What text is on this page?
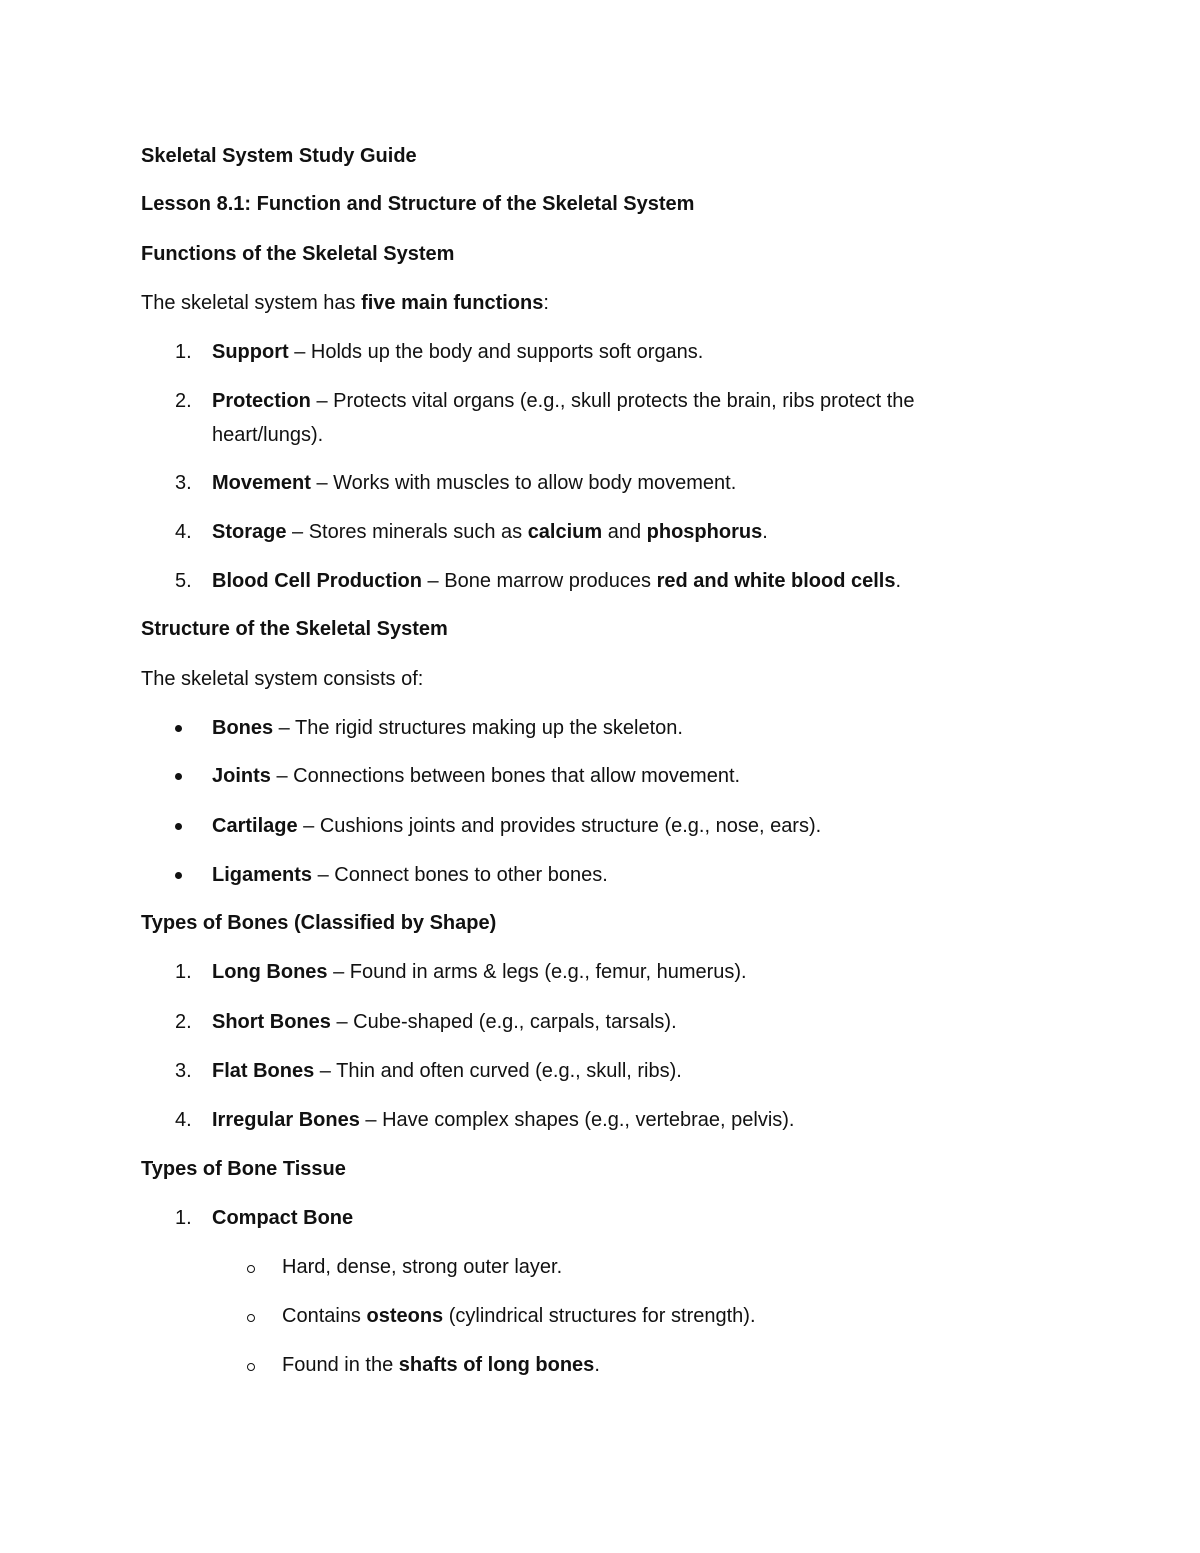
Skeletal System Study Guide
Lesson 8.1: Function and Structure of the Skeletal System
Functions of the Skeletal System
The skeletal system has five main functions:
1.	Support – Holds up the body and supports soft organs.
2.	Protection – Protects vital organs (e.g., skull protects the brain, ribs protect the
heart/lungs).
3.	Movement – Works with muscles to allow body movement.
4.	Storage – Stores minerals such as calcium and phosphorus.
5.	Blood Cell Production – Bone marrow produces red and white blood cells.
Structure of the Skeletal System
The skeletal system consists of:
Bones – The rigid structures making up the skeleton.
Joints – Connections between bones that allow movement.
Cartilage – Cushions joints and provides structure (e.g., nose, ears).
Ligaments – Connect bones to other bones.
Types of Bones (Classified by Shape)
1.	Long Bones – Found in arms & legs (e.g., femur, humerus).
2.	Short Bones – Cube-shaped (e.g., carpals, tarsals).
3.	Flat Bones – Thin and often curved (e.g., skull, ribs).
4.	Irregular Bones – Have complex shapes (e.g., vertebrae, pelvis).
Types of Bone Tissue
1.	Compact Bone
Hard, dense, strong outer layer.
Contains osteons (cylindrical structures for strength).
Found in the shafts of long bones.
